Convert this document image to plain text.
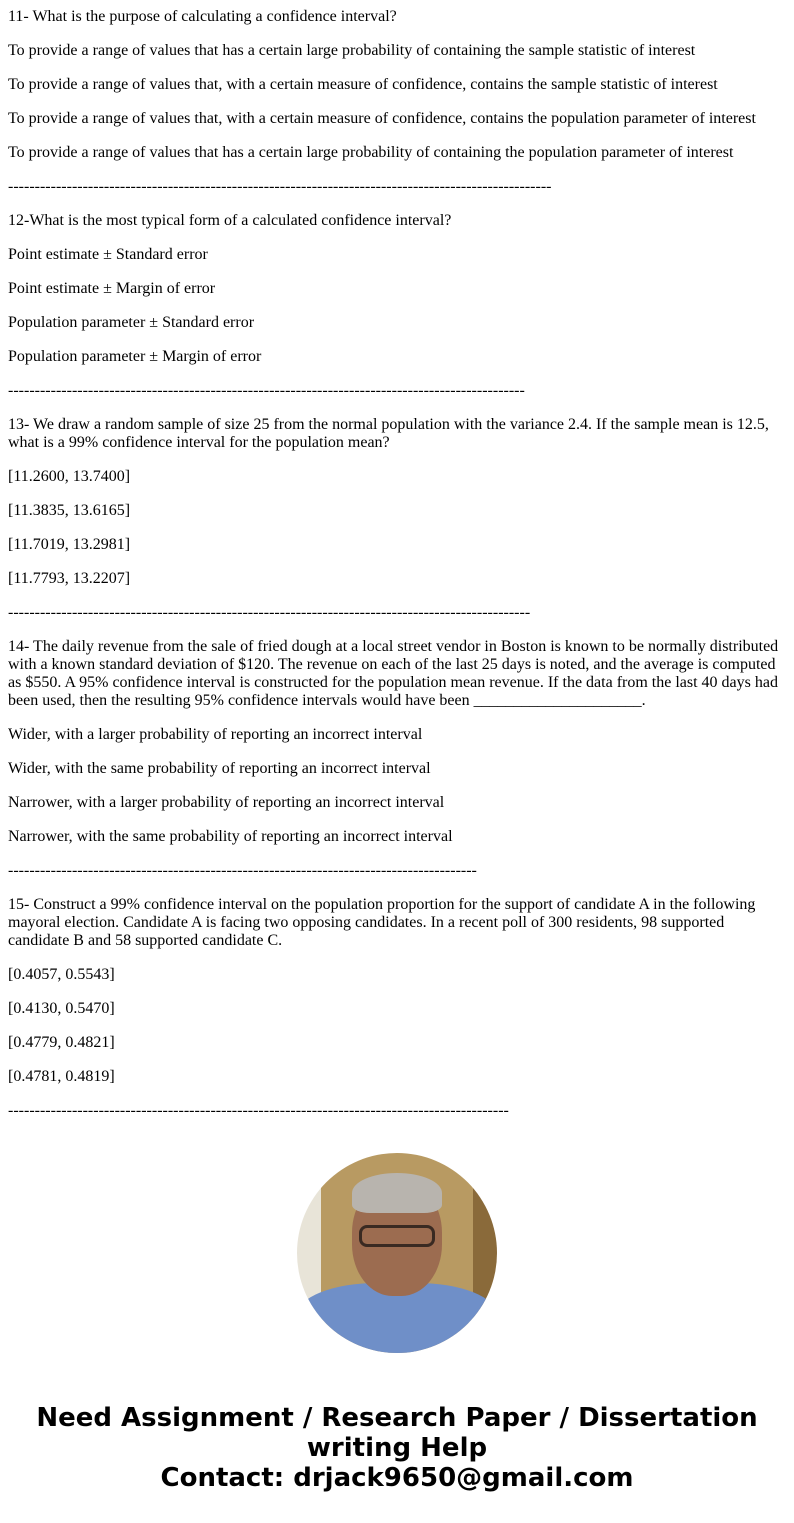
11- What is the purpose of calculating a confidence interval?
To provide a range of values that has a certain large probability of containing the sample statistic of interest
To provide a range of values that, with a certain measure of confidence, contains the sample statistic of interest
To provide a range of values that, with a certain measure of confidence, contains the population parameter of interest
To provide a range of values that has a certain large probability of containing the population parameter of interest
------------------------------------------------------------------------------------------------------
12-What is the most typical form of a calculated confidence interval?
Point estimate ± Standard error
Point estimate ± Margin of error
Population parameter ± Standard error
Population parameter ± Margin of error
-------------------------------------------------------------------------------------------------
13- We draw a random sample of size 25 from the normal population with the variance 2.4. If the sample mean is 12.5, what is a 99% confidence interval for the population mean?
[11.2600, 13.7400]
[11.3835, 13.6165]
[11.7019, 13.2981]
[11.7793, 13.2207]
--------------------------------------------------------------------------------------------------
14- The daily revenue from the sale of fried dough at a local street vendor in Boston is known to be normally distributed with a known standard deviation of $120. The revenue on each of the last 25 days is noted, and the average is computed as $550. A 95% confidence interval is constructed for the population mean revenue. If the data from the last 40 days had been used, then the resulting 95% confidence intervals would have been _____________________.
Wider, with a larger probability of reporting an incorrect interval
Wider, with the same probability of reporting an incorrect interval
Narrower, with a larger probability of reporting an incorrect interval
Narrower, with the same probability of reporting an incorrect interval
----------------------------------------------------------------------------------------
15- Construct a 99% confidence interval on the population proportion for the support of candidate A in the following mayoral election. Candidate A is facing two opposing candidates. In a recent poll of 300 residents, 98 supported candidate B and 58 supported candidate C.
[0.4057, 0.5543]
[0.4130, 0.5470]
[0.4779, 0.4821]
[0.4781, 0.4819]
----------------------------------------------------------------------------------------------
Need Assignment / Research Paper / Dissertation writing Help
Contact: drjack9650@gmail.com
